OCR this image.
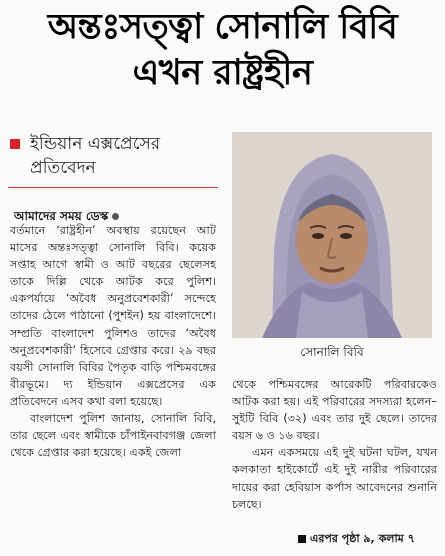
অন্তঃসত্ত্বা সোনালি বিবি
এখন রাষ্ট্রহীন
ইন্ডিয়ান এক্সপ্রেসের প্রতিবেদন
আমাদের সময় ডেস্ক

বর্তমানে ‘রাষ্ট্রহীন’ অবস্থায় রয়েছেন আট মাসের অন্তঃসত্ত্বা সোনালি বিবি। কয়েক সপ্তাহ আগে স্বামী ও আট বছরের ছেলেসহ তাকে দিল্লি থেকে আটক করে পুলিশ। একপর্যায়ে ‘অবৈধ অনুপ্রবেশকারী’ সন্দেহে তাদের ঠেলে পাঠানো (পুশইন) হয় বাংলাদেশে। সম্প্রতি বাংলাদেশ পুলিশও তাদের ‘অবৈধ অনুপ্রবেশকারী’ হিসেবে গ্রেপ্তার করে। ২৯ বছর বয়সী সোনালি বিবির পৈতৃক বাড়ি পশ্চিমবঙ্গের বীরভূমে। দ্য ইন্ডিয়ান এক্সপ্রেসের এক প্রতিবেদনে এসব কথা বলা হয়েছে।

বাংলাদেশ পুলিশ জানায়, সোনালি বিবি, তার ছেলে এবং স্বামীকে চাঁপাইনবাবগঞ্জ জেলা থেকে গ্রেপ্তার করা হয়েছে। একই জেলা

সোনালি বিবি

থেকে পশ্চিমবঙ্গের আরেকটি পরিবারকেও আটক করা হয়। এই পরিবারের সদস্যরা হলেন– সুইটি বিবি (৩২) এবং তার দুই ছেলে। তাদের বয়স ৬ ও ১৬ বছর।

এমন একসময়ে এই দুই ঘটনা ঘটল, যখন কলকাতা হাইকোর্টে এই দুই নারীর পরিবারের দায়ের করা হেবিয়াস কর্পাস আবেদনের শুনানি চলছে।

এরপর পৃষ্ঠা ৯, কলাম ৭
